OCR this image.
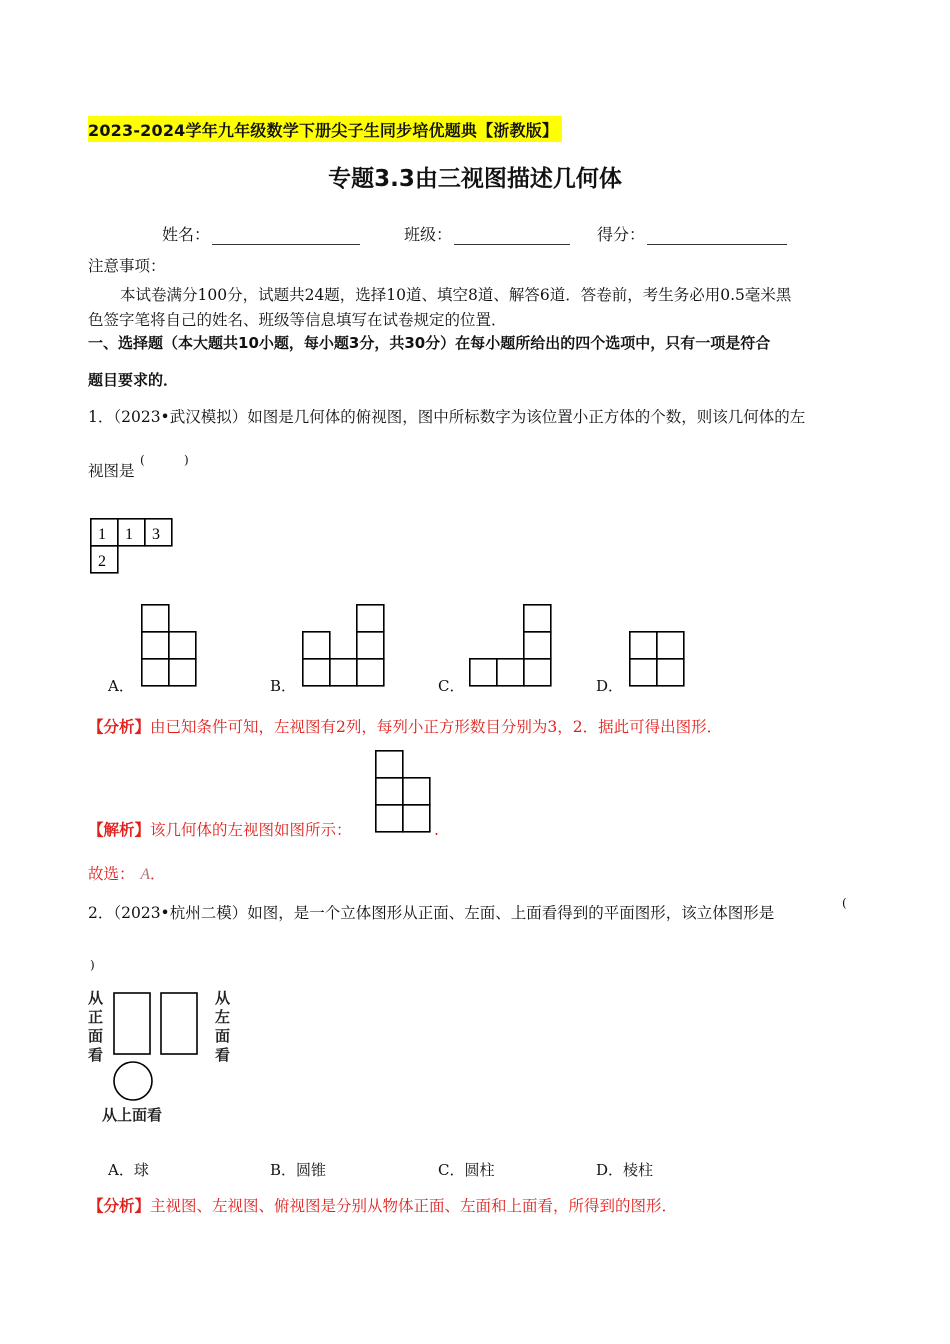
2023-2024学年九年级数学下册尖子生同步培优题典【浙教版】
专题3.3由三视图描述几何体
姓名：	班级：	得分：
注意事项：
本试卷满分100分，试题共24题，选择10道、填空8道、解答6道．答卷前，考生务必用0.5毫米黑
色签字笔将自己的姓名、班级等信息填写在试卷规定的位置．
一、选择题（本大题共10小题，每小题3分，共30分）在每小题所给出的四个选项中，只有一项是符合
题目要求的．
1．（2023•武汉模拟）如图是几何体的俯视图，图中所标数字为该位置小正方体的个数，则该几何体的左
视图是
(	)
1 1 3
2
A．	B．	C．	D．
【分析】由已知条件可知，左视图有2列，每列小正方形数目分别为3，2．据此可得出图形．
【解析】该几何体的左视图如图所示：	.
故选： A．
2．（2023•杭州二模）如图，是一个立体图形从正面、左面、上面看得到的平面图形，该立体图形是
(
)
从
正
面
看
从
左
面
看
从上面看
A．球	B．圆锥	C．圆柱	D．棱柱
【分析】主视图、左视图、俯视图是分别从物体正面、左面和上面看，所得到的图形．
